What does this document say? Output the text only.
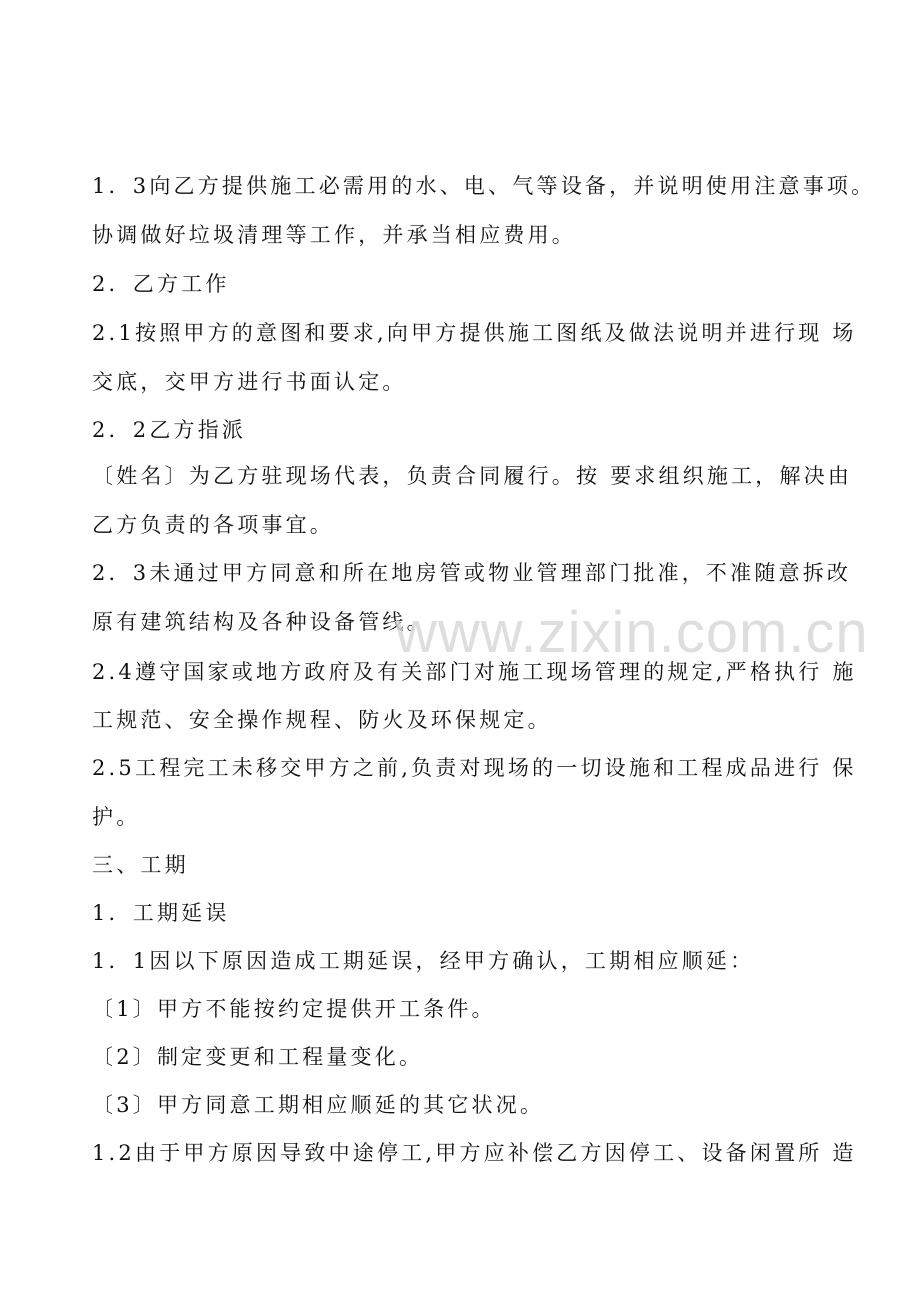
1．3向乙方提供施工必需用的水、电、气等设备，并说明使用注意事项。
协调做好垃圾清理等工作，并承当相应费用。
2．乙方工作
2.1按照甲方的意图和要求,向甲方提供施工图纸及做法说明并进行现 场
交底，交甲方进行书面认定。
2．2乙方指派
〔姓名〕为乙方驻现场代表，负责合同履行。按 要求组织施工，解决由
乙方负责的各项事宜。
2．3未通过甲方同意和所在地房管或物业管理部门批准，不准随意拆改
原有建筑结构及各种设备管线。
2.4遵守国家或地方政府及有关部门对施工现场管理的规定,严格执行 施
工规范、安全操作规程、防火及环保规定。
2.5工程完工未移交甲方之前,负责对现场的一切设施和工程成品进行 保
护。
三、工期
1．工期延误
1．1因以下原因造成工期延误，经甲方确认，工期相应顺延：
〔1〕甲方不能按约定提供开工条件。
〔2〕制定变更和工程量变化。
〔3〕甲方同意工期相应顺延的其它状况。
1.2由于甲方原因导致中途停工,甲方应补偿乙方因停工、设备闲置所 造
www.zixin.com.cn
